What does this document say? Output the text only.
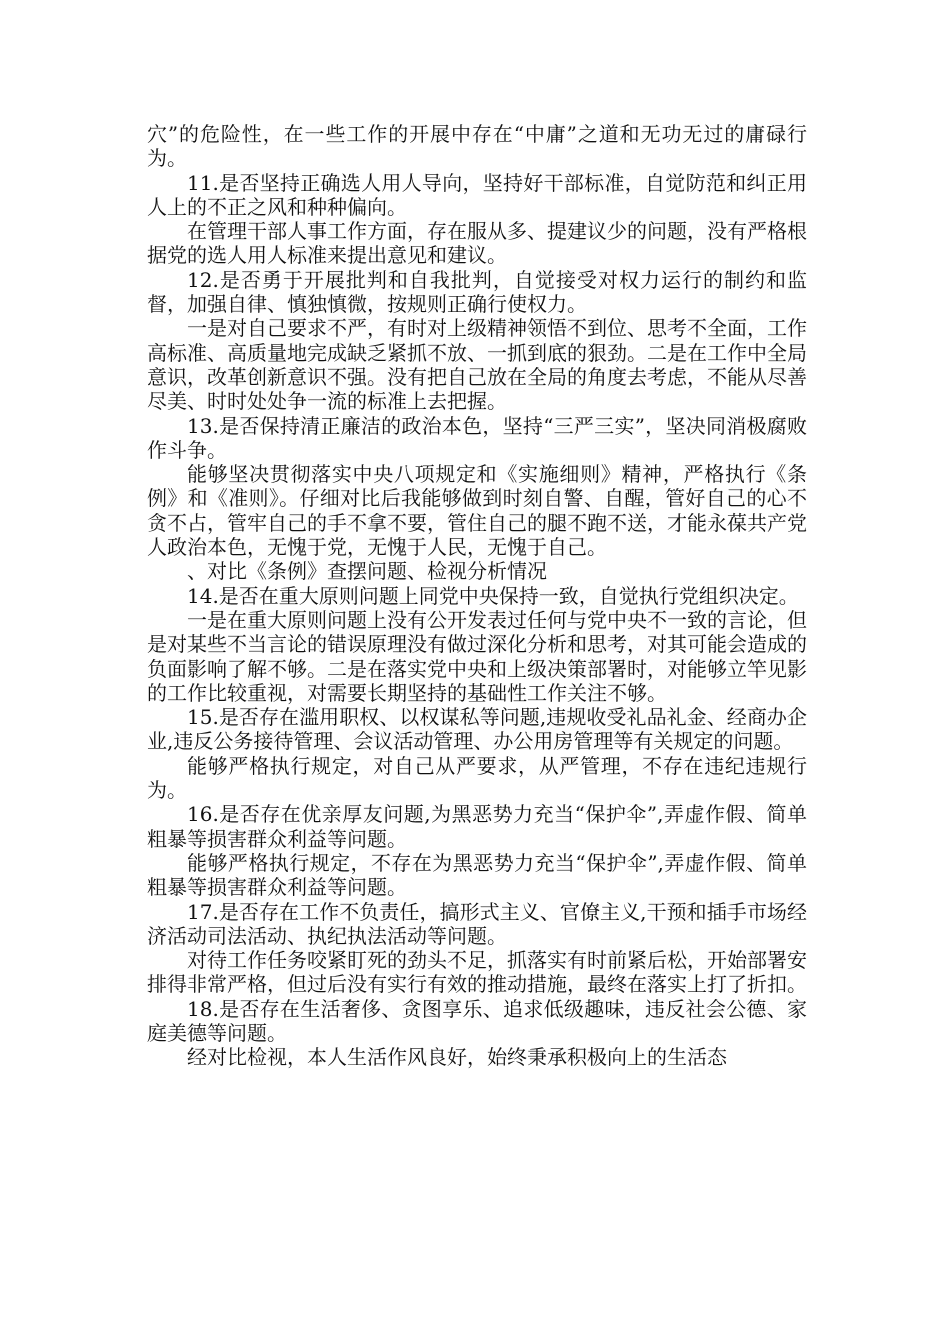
穴”的危险性，在一些工作的开展中存在“中庸”之道和无功无过的庸碌行为。

11.是否坚持正确选人用人导向，坚持好干部标准，自觉防范和纠正用人上的不正之风和种种偏向。

在管理干部人事工作方面，存在服从多、提建议少的问题，没有严格根据党的选人用人标准来提出意见和建议。

12.是否勇于开展批判和自我批判，自觉接受对权力运行的制约和监督，加强自律、慎独慎微，按规则正确行使权力。

一是对自己要求不严，有时对上级精神领悟不到位、思考不全面，工作高标准、高质量地完成缺乏紧抓不放、一抓到底的狠劲。二是在工作中全局意识，改革创新意识不强。没有把自己放在全局的角度去考虑，不能从尽善尽美、时时处处争一流的标准上去把握。

13.是否保持清正廉洁的政治本色，坚持“三严三实”，坚决同消极腐败作斗争。

能够坚决贯彻落实中央八项规定和《实施细则》精神，严格执行《条例》和《准则》。仔细对比后我能够做到时刻自警、自醒，管好自己的心不贪不占，管牢自己的手不拿不要，管住自己的腿不跑不送，才能永葆共产党人政治本色，无愧于党，无愧于人民，无愧于自己。

、对比《条例》查摆问题、检视分析情况

14.是否在重大原则问题上同党中央保持一致，自觉执行党组织决定。

一是在重大原则问题上没有公开发表过任何与党中央不一致的言论，但是对某些不当言论的错误原理没有做过深化分析和思考，对其可能会造成的负面影响了解不够。二是在落实党中央和上级决策部署时，对能够立竿见影的工作比较重视，对需要长期坚持的基础性工作关注不够。

15.是否存在滥用职权、以权谋私等问题,违规收受礼品礼金、经商办企业,违反公务接待管理、会议活动管理、办公用房管理等有关规定的问题。

能够严格执行规定，对自己从严要求，从严管理，不存在违纪违规行为。

16.是否存在优亲厚友问题,为黑恶势力充当“保护伞”,弄虚作假、简单粗暴等损害群众利益等问题。

能够严格执行规定，不存在为黑恶势力充当“保护伞”,弄虚作假、简单粗暴等损害群众利益等问题。

17.是否存在工作不负责任，搞形式主义、官僚主义,干预和插手市场经济活动司法活动、执纪执法活动等问题。

对待工作任务咬紧盯死的劲头不足，抓落实有时前紧后松，开始部署安排得非常严格，但过后没有实行有效的推动措施，最终在落实上打了折扣。

18.是否存在生活奢侈、贪图享乐、追求低级趣味，违反社会公德、家庭美德等问题。

经对比检视，本人生活作风良好，始终秉承积极向上的生活态
